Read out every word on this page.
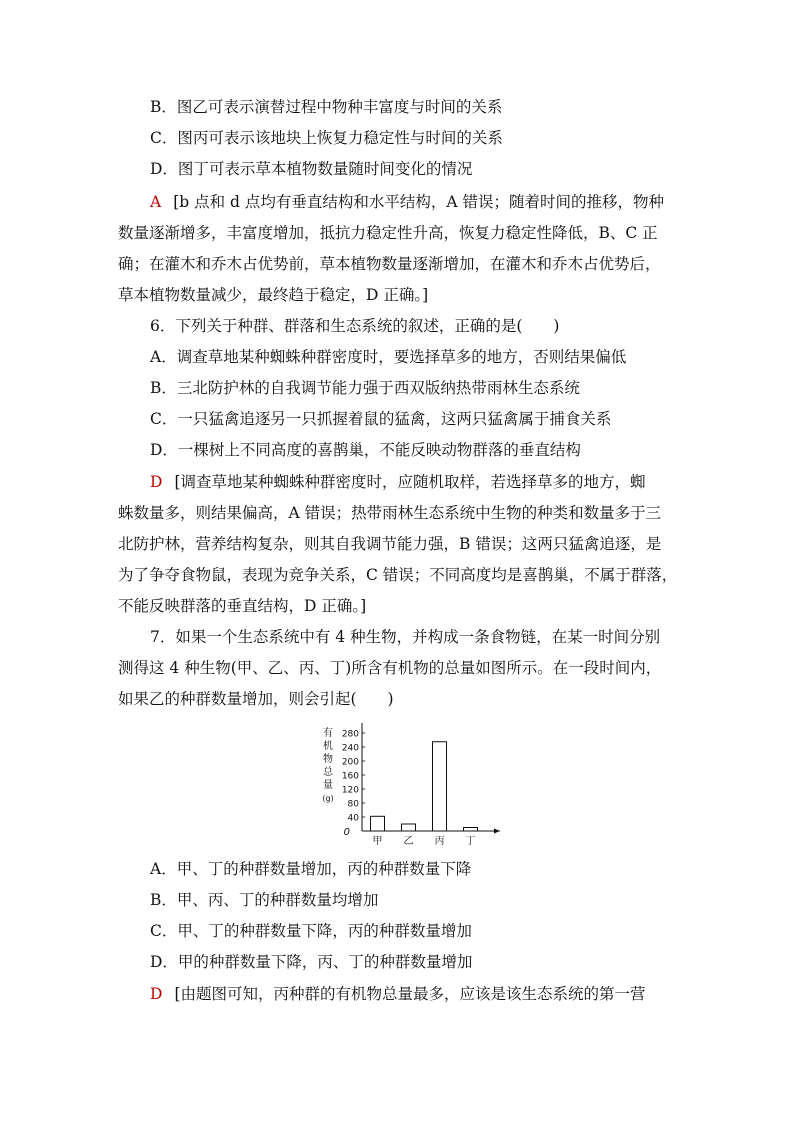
B．图乙可表示演替过程中物种丰富度与时间的关系
C．图丙可表示该地块上恢复力稳定性与时间的关系
D．图丁可表示草本植物数量随时间变化的情况
A [b 点和 d 点均有垂直结构和水平结构，A 错误；随着时间的推移，物种
数量逐渐增多，丰富度增加，抵抗力稳定性升高，恢复力稳定性降低，B、C 正
确；在灌木和乔木占优势前，草本植物数量逐渐增加，在灌木和乔木占优势后，
草本植物数量减少，最终趋于稳定，D 正确。]
6．下列关于种群、群落和生态系统的叙述，正确的是(　　)
A．调查草地某种蜘蛛种群密度时，要选择草多的地方，否则结果偏低
B．三北防护林的自我调节能力强于西双版纳热带雨林生态系统
C．一只猛禽追逐另一只抓握着鼠的猛禽，这两只猛禽属于捕食关系
D．一棵树上不同高度的喜鹊巢，不能反映动物群落的垂直结构
D [调查草地某种蜘蛛种群密度时，应随机取样，若选择草多的地方，蜘
蛛数量多，则结果偏高，A 错误；热带雨林生态系统中生物的种类和数量多于三
北防护林，营养结构复杂，则其自我调节能力强，B 错误；这两只猛禽追逐，是
为了争夺食物鼠，表现为竞争关系，C 错误；不同高度均是喜鹊巢，不属于群落，
不能反映群落的垂直结构，D 正确。]
7．如果一个生态系统中有 4 种生物，并构成一条食物链，在某一时间分别
测得这 4 种生物(甲、乙、丙、丁)所含有机物的总量如图所示。在一段时间内，
如果乙的种群数量增加，则会引起(　　)
有
机
物
总
量
(g)
40
80
120
160
200
240
280
0
甲 乙 丙 丁
A．甲、丁的种群数量增加，丙的种群数量下降
B．甲、丙、丁的种群数量均增加
C．甲、丁的种群数量下降，丙的种群数量增加
D．甲的种群数量下降，丙、丁的种群数量增加
D [由题图可知，丙种群的有机物总量最多，应该是该生态系统的第一营
